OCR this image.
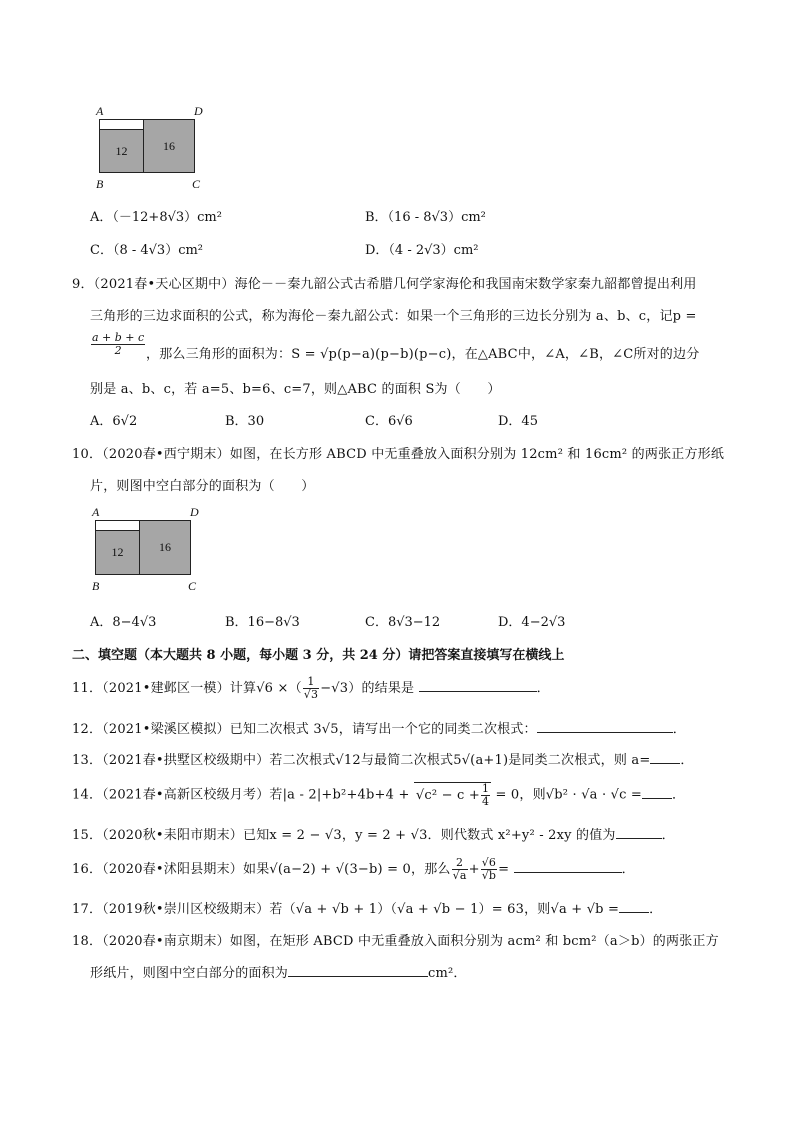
A	D
12	16
B	C
A．（－12+8√3）cm²	B．（16 - 8√3）cm²
C．（8 - 4√3）cm²	D．（4 - 2√3）cm²
9．（2021春•天心区期中）海伦－－秦九韶公式古希腊几何学家海伦和我国南宋数学家秦九韶都曾提出利用
三角形的三边求面积的公式，称为海伦－秦九韶公式：如果一个三角形的三边长分别为 a、b、c，记p =
$\frac{a + b + c}{2}$ ，那么三角形的面积为：S = √p(p−a)(p−b)(p−c)，在△ABC中，∠A，∠B，∠C所对的边分
别是 a、b、c，若 a=5、b=6、c=7，则△ABC 的面积 S为（　　）
A．6√2	B．30	C．6√6	D．45
10．（2020春•西宁期末）如图，在长方形 ABCD 中无重叠放入面积分别为 12cm² 和 16cm² 的两张正方形纸
片，则图中空白部分的面积为（　　）
A	D
12	16
B	C
A．8−4√3	B．16−8√3	C．8√3−12	D．4−2√3
二、填空题（本大题共 8 小题，每小题 3 分，共 24 分）请把答案直接填写在横线上
11．（2021•建邺区一模）计算√6 ×（ $\frac{1}{√3} -√3$）的结果是	．
12．（2021•梁溪区模拟）已知二次根式 3√5，请写出一个它的同类二次根式：	．
13．（2021春•拱墅区校级期中）若二次根式√12与最简二次根式5√(a+1)是同类二次根式，则 a= ．
14．（2021春•高新区校级月考）若$|a - 2|+b^2+4b+4 + √c^2 - c + \frac{1}{4} = 0$，则√b² · √a · √c = ．
15．（2020秋•耒阳市期末）已知x = 2 − √3，y = 2 + √3．则代数式 x²+y² - 2xy 的值为	．
16．（2020春•沭阳县期末）如果√(a−2) + √(3−b) = 0，那么 $\frac{2}{√a} + \frac{√6}{√b}$ =	．
17．（2019秋•崇川区校级期末）若（√a + √b + 1）（√a + √b − 1）= 63，则√a + √b = ．
18．（2020春•南京期末）如图，在矩形 ABCD 中无重叠放入面积分别为 acm² 和 bcm²（a＞b）的两张正方
形纸片，则图中空白部分的面积为	cm²．
